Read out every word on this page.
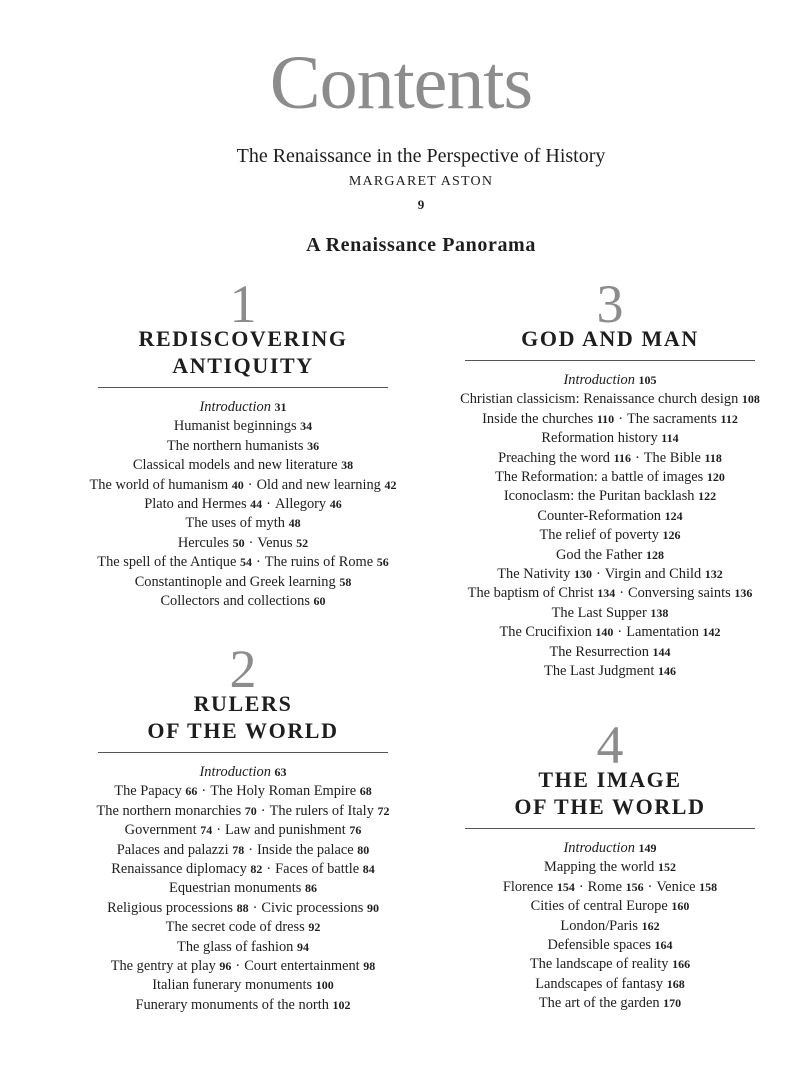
Contents
The Renaissance in the Perspective of History
MARGARET ASTON
9
A Renaissance Panorama
1
REDISCOVERING
ANTIQUITY
Introduction 31
Humanist beginnings 34
The northern humanists 36
Classical models and new literature 38
The world of humanism 40 · Old and new learning 42
Plato and Hermes 44 · Allegory 46
The uses of myth 48
Hercules 50 · Venus 52
The spell of the Antique 54 · The ruins of Rome 56
Constantinople and Greek learning 58
Collectors and collections 60
2
RULERS
OF THE WORLD
Introduction 63
The Papacy 66 · The Holy Roman Empire 68
The northern monarchies 70 · The rulers of Italy 72
Government 74 · Law and punishment 76
Palaces and palazzi 78 · Inside the palace 80
Renaissance diplomacy 82 · Faces of battle 84
Equestrian monuments 86
Religious processions 88 · Civic processions 90
The secret code of dress 92
The glass of fashion 94
The gentry at play 96 · Court entertainment 98
Italian funerary monuments 100
Funerary monuments of the north 102
3
GOD AND MAN
Introduction 105
Christian classicism: Renaissance church design 108
Inside the churches 110 · The sacraments 112
Reformation history 114
Preaching the word 116 · The Bible 118
The Reformation: a battle of images 120
Iconoclasm: the Puritan backlash 122
Counter-Reformation 124
The relief of poverty 126
God the Father 128
The Nativity 130 · Virgin and Child 132
The baptism of Christ 134 · Conversing saints 136
The Last Supper 138
The Crucifixion 140 · Lamentation 142
The Resurrection 144
The Last Judgment 146
4
THE IMAGE
OF THE WORLD
Introduction 149
Mapping the world 152
Florence 154 · Rome 156 · Venice 158
Cities of central Europe 160
London/Paris 162
Defensible spaces 164
The landscape of reality 166
Landscapes of fantasy 168
The art of the garden 170
